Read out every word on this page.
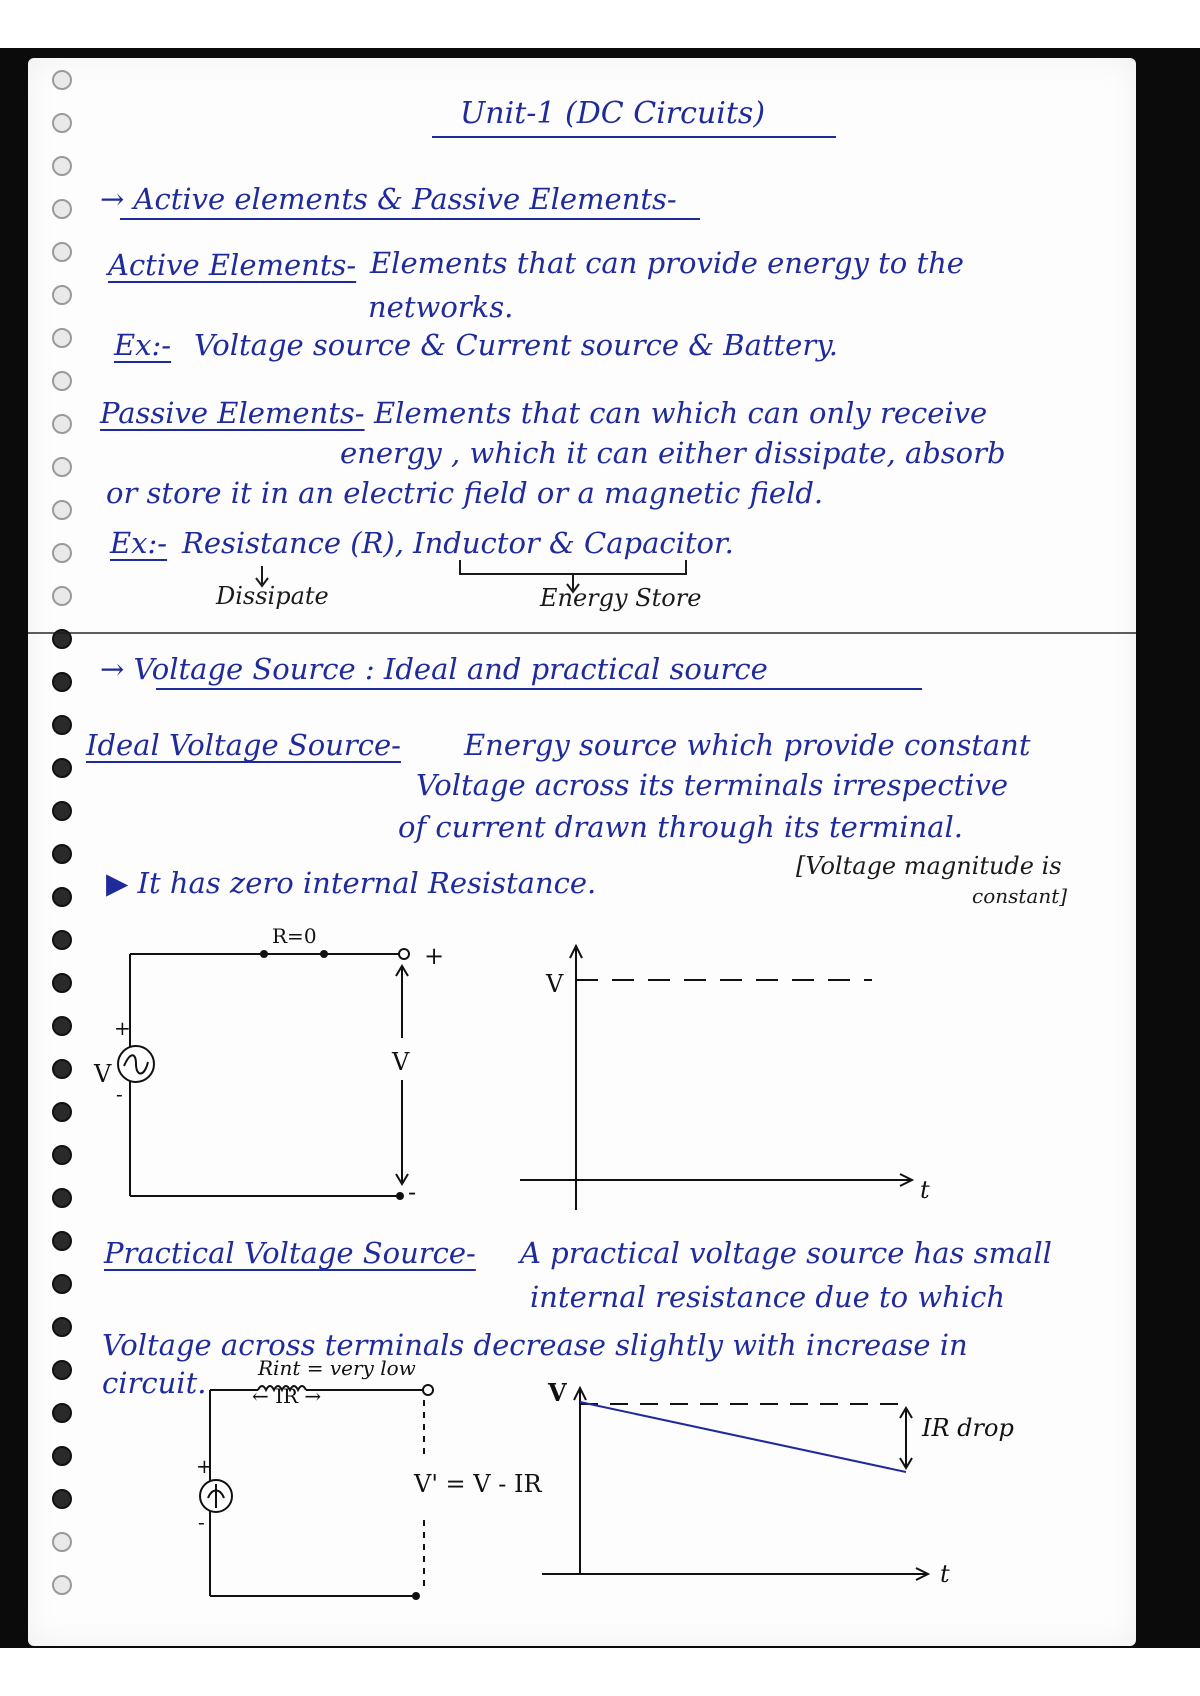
Unit-1 (DC Circuits)
→ Active elements & Passive Elements-
Active Elements- Elements that can provide energy to the
networks.
Ex:- Voltage source & Current source & Battery.
Passive Elements- Elements that can which can only receive
energy , which it can either dissipate, absorb
or store it in an electric field or a magnetic field.
Ex:- Resistance (R), Inductor & Capacitor.
Dissipate	Energy Store
→ Voltage Source : Ideal and practical source
Ideal Voltage Source- Energy source which provide constant
Voltage across its terminals irrespective
of current drawn through its terminal.
[Voltage magnitude is
constant]
▶ It has zero internal Resistance.
R=0
+
-
+
-
V	V
V
t
Practical Voltage Source- A practical voltage source has small
internal resistance due to which
Voltage across terminals decrease slightly with increase in
circuit.	Rint = very low
← IR →
V' = V - IR
+
-
V
t
IR drop
